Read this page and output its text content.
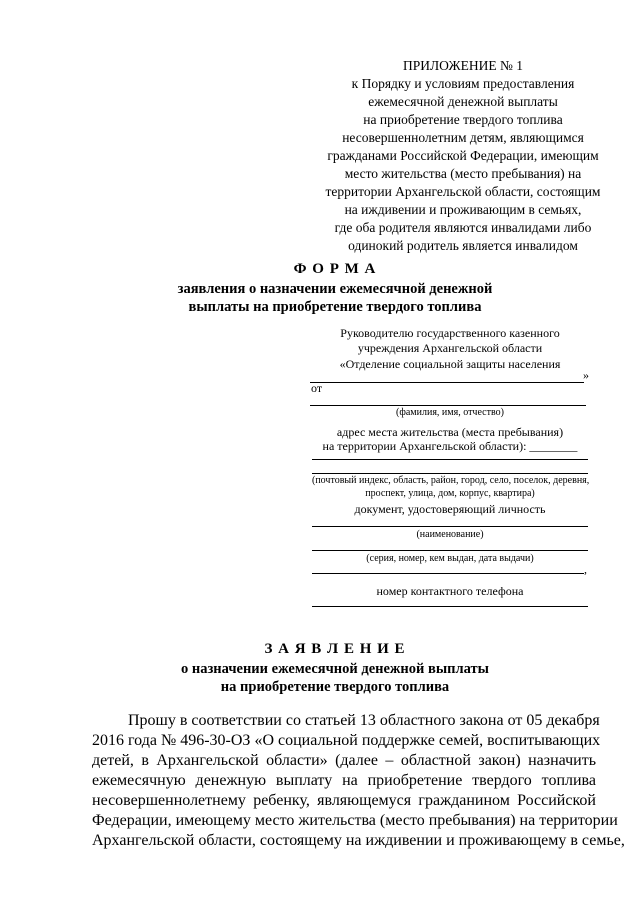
ПРИЛОЖЕНИЕ № 1
к Порядку и условиям предоставления
ежемесячной денежной выплаты
на приобретение твердого топлива
несовершеннолетним детям, являющимся
гражданами Российской Федерации, имеющим
место жительства (место пребывания) на
территории Архангельской области, состоящим
на иждивении и проживающим в семьях,
где оба родителя являются инвалидами либо
одинокий родитель является инвалидом
Ф О Р М А
заявления о назначении ежемесячной денежной
выплаты на приобретение твердого топлива
Руководителю государственного казенного
учреждения Архангельской области
«Отделение социальной защиты населения
»
от
(фамилия, имя, отчество)
адрес места жительства (места пребывания)
на территории Архангельской области): ________
(почтовый индекс, область, район, город, село, поселок, деревня,
проспект, улица, дом, корпус, квартира)
документ, удостоверяющий личность
(наименование)
(серия, номер, кем выдан, дата выдачи)
,
номер контактного телефона
З А Я В Л Е Н И Е
о назначении ежемесячной денежной выплаты
на приобретение твердого топлива
Прошу в соответствии со статьей 13 областного закона от 05 декабря
2016 года № 496-30-ОЗ «О социальной поддержке семей, воспитывающих
детей, в Архангельской области» (далее – областной закон) назначить
ежемесячную денежную выплату на приобретение твердого топлива
несовершеннолетнему ребенку, являющемуся гражданином Российской
Федерации, имеющему место жительства (место пребывания) на территории
Архангельской области, состоящему на иждивении и проживающему в семье,
